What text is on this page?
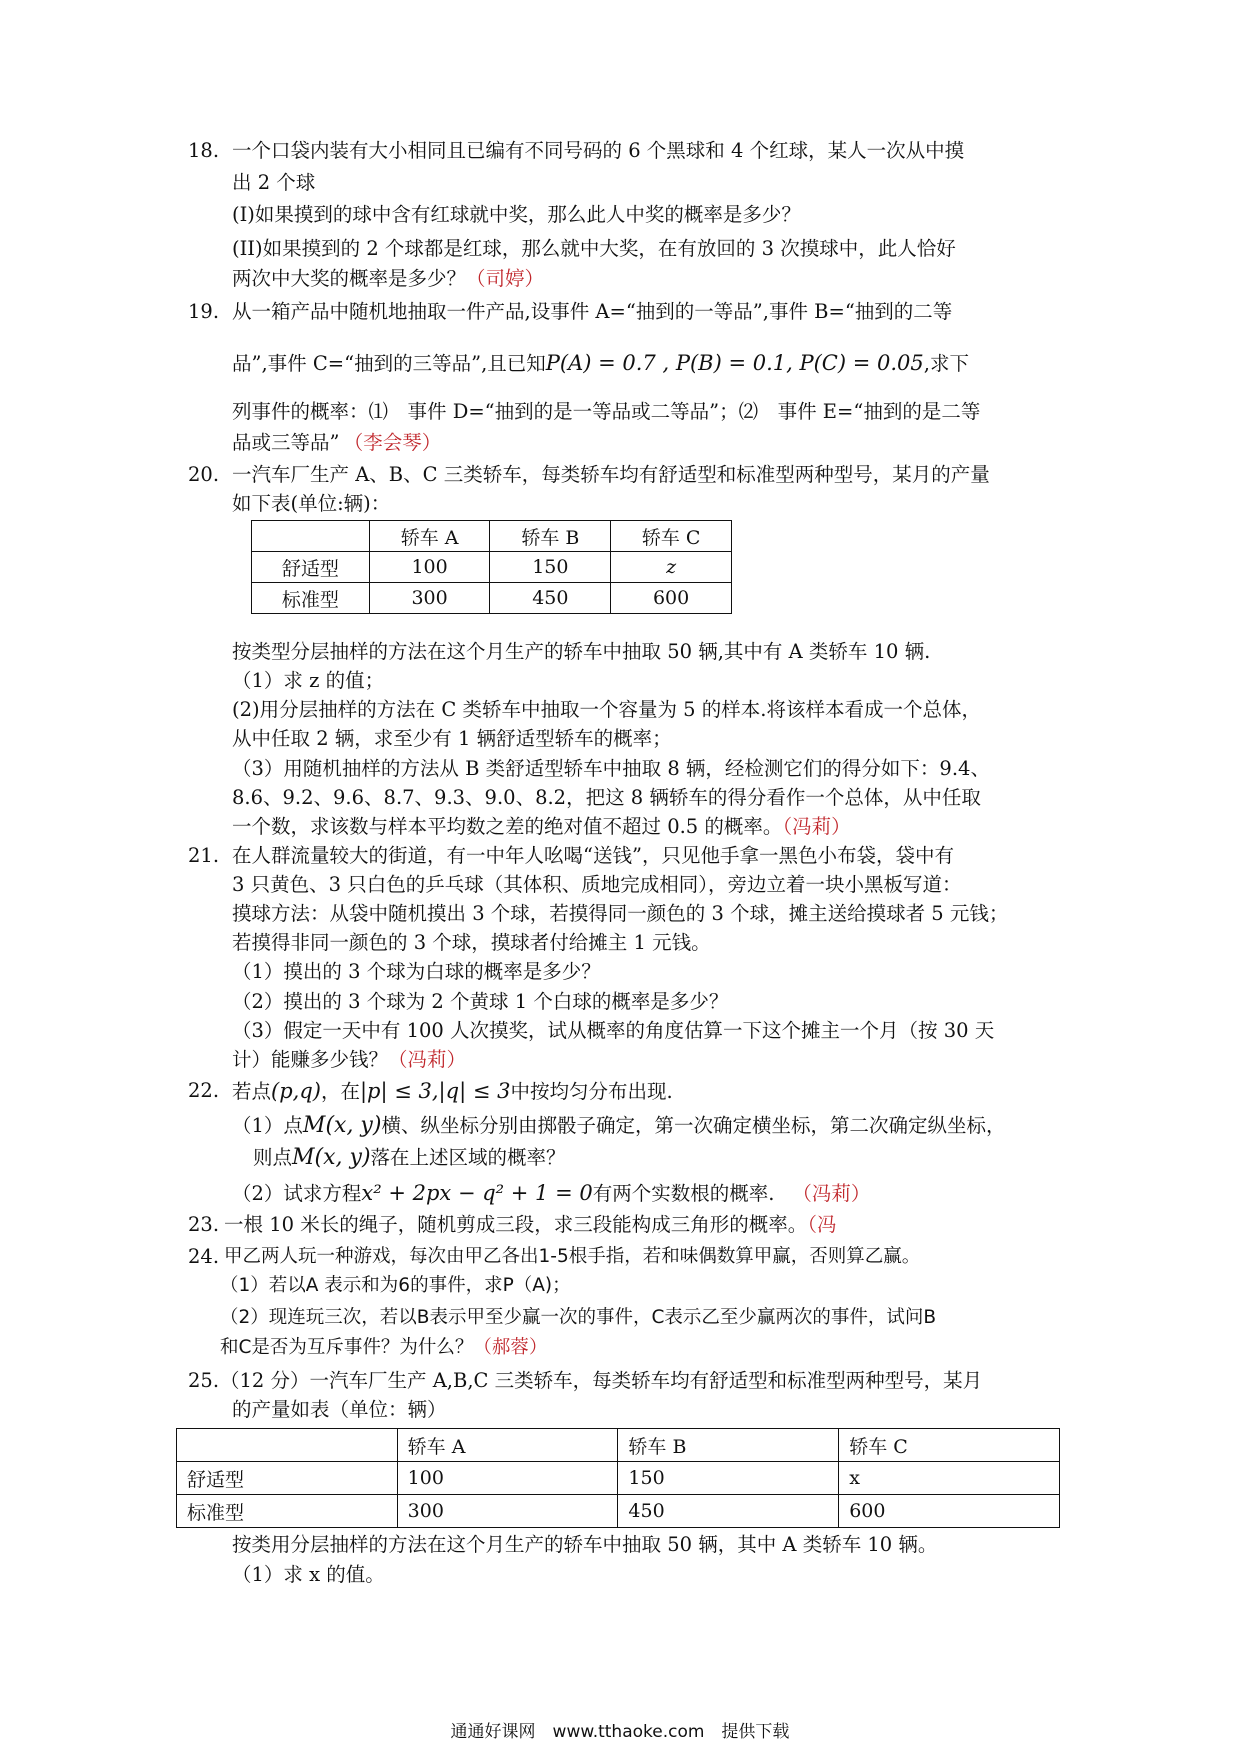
18. 一个口袋内装有大小相同且已编有不同号码的 6 个黑球和 4 个红球，某人一次从中摸
出 2 个球
(I)如果摸到的球中含有红球就中奖，那么此人中奖的概率是多少？
(II)如果摸到的 2 个球都是红球，那么就中大奖，在有放回的 3 次摸球中，此人恰好
两次中大奖的概率是多少？（司婷）
19. 从一箱产品中随机地抽取一件产品,设事件 A=“抽到的一等品”,事件 B=“抽到的二等
品”,事件 C=“抽到的三等品”,且已知P(A) = 0.7 , P(B) = 0.1, P(C) = 0.05,求下
列事件的概率：⑴　事件 D=“抽到的是一等品或二等品”；⑵　事件 E=“抽到的是二等
品或三等品” （李会琴）
20. 一汽车厂生产 A、B、C 三类轿车，每类轿车均有舒适型和标准型两种型号，某月的产量
如下表(单位:辆)：
	轿车 A	轿车 B	轿车 C
舒适型	100	150	z
标准型	300	450	600
按类型分层抽样的方法在这个月生产的轿车中抽取 50 辆,其中有 A 类轿车 10 辆.
（1）求 z 的值；
(2)用分层抽样的方法在 C 类轿车中抽取一个容量为 5 的样本.将该样本看成一个总体，
从中任取 2 辆，求至少有 1 辆舒适型轿车的概率；
（3）用随机抽样的方法从 B 类舒适型轿车中抽取 8 辆，经检测它们的得分如下：9.4、
8.6、9.2、9.6、8.7、9.3、9.0、8.2，把这 8 辆轿车的得分看作一个总体，从中任取
一个数，求该数与样本平均数之差的绝对值不超过 0.5 的概率。（冯莉）
21. 在人群流量较大的街道，有一中年人吆喝“送钱”，只见他手拿一黑色小布袋，袋中有
3 只黄色、3 只白色的乒乓球（其体积、质地完成相同），旁边立着一块小黑板写道：
摸球方法：从袋中随机摸出 3 个球，若摸得同一颜色的 3 个球，摊主送给摸球者 5 元钱；
若摸得非同一颜色的 3 个球，摸球者付给摊主 1 元钱。
（1）摸出的 3 个球为白球的概率是多少？
（2）摸出的 3 个球为 2 个黄球 1 个白球的概率是多少？
（3）假定一天中有 100 人次摸奖，试从概率的角度估算一下这个摊主一个月（按 30 天
计）能赚多少钱？（冯莉）
22. 若点(p,q)，在|p| ≤ 3,|q| ≤ 3中按均匀分布出现.
（1）点M(x, y)横、纵坐标分别由掷骰子确定，第一次确定横坐标，第二次确定纵坐标，
则点M(x, y)落在上述区域的概率？
（2）试求方程x² + 2px − q² + 1 = 0有两个实数根的概率. （冯莉）
23. 一根 10 米长的绳子，随机剪成三段，求三段能构成三角形的概率。（冯
24. 甲乙两人玩一种游戏，每次由甲乙各出1-5根手指，若和味偶数算甲赢，否则算乙赢。
（1）若以A 表示和为6的事件，求P（A)；
（2）现连玩三次，若以B表示甲至少赢一次的事件，C表示乙至少赢两次的事件，试问B
和C是否为互斥事件？为什么？（郝蓉）
25. （12 分）一汽车厂生产 A,B,C 三类轿车，每类轿车均有舒适型和标准型两种型号，某月
的产量如表（单位：辆）
	轿车 A	轿车 B	轿车 C
舒适型	100	150	x
标准型	300	450	600
按类用分层抽样的方法在这个月生产的轿车中抽取 50 辆，其中 A 类轿车 10 辆。
（1）求 x 的值。
通通好课网　www.tthaoke.com　提供下载
